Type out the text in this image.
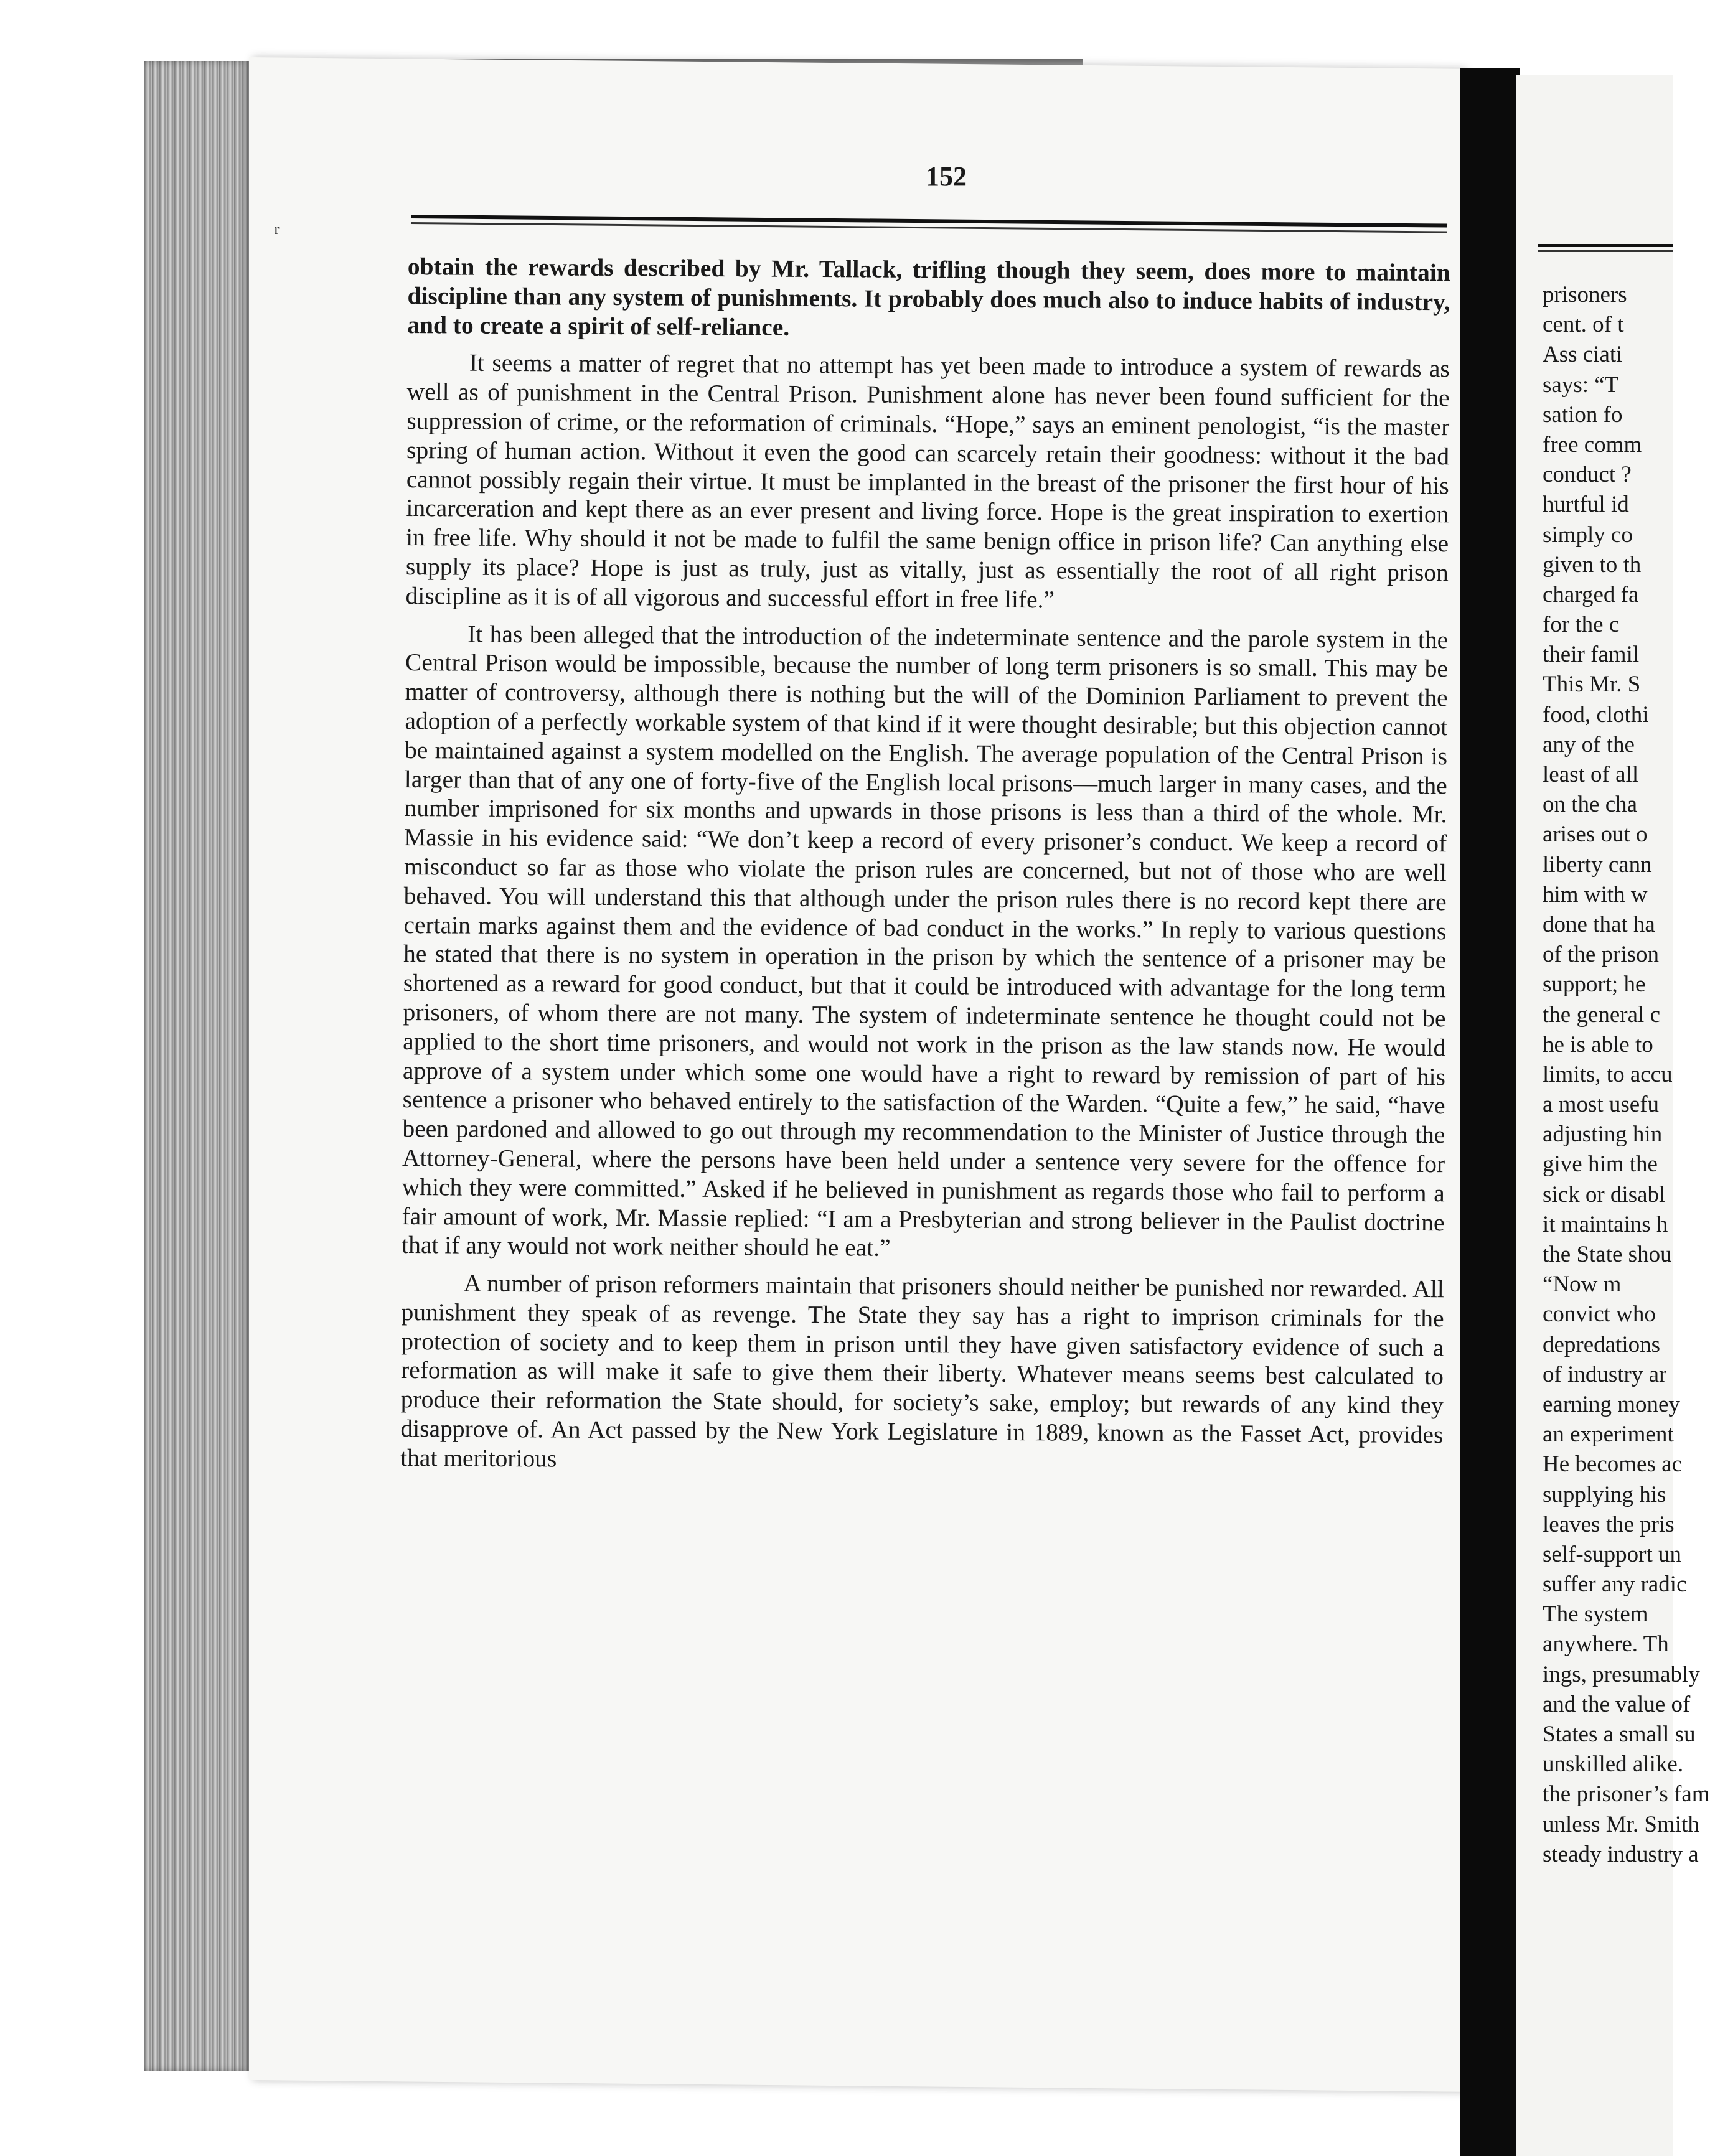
ʳ
152

obtain the rewards described by Mr. Tallack, trifling though they seem, does more to maintain discipline than any system of punishments. It probably does much also to induce habits of industry, and to create a spirit of self-reliance.

It seems a matter of regret that no attempt has yet been made to introduce a system of rewards as well as of punishment in the Central Prison. Punishment alone has never been found sufficient for the suppression of crime, or the reformation of criminals. “Hope,” says an eminent penologist, “is the master spring of human action. Without it even the good can scarcely retain their goodness: without it the bad cannot possibly regain their virtue. It must be implanted in the breast of the prisoner the first hour of his incarceration and kept there as an ever present and living force. Hope is the great inspiration to exertion in free life. Why should it not be made to fulfil the same benign office in prison life? Can anything else supply its place? Hope is just as truly, just as vitally, just as essentially the root of all right prison discipline as it is of all vigorous and successful effort in free life.”

It has been alleged that the introduction of the indeterminate sentence and the parole system in the Central Prison would be impossible, because the number of long term prisoners is so small. This may be matter of controversy, although there is nothing but the will of the Dominion Parliament to prevent the adoption of a perfectly workable system of that kind if it were thought desirable; but this objection cannot be maintained against a system modelled on the English. The average population of the Central Prison is larger than that of any one of forty-five of the English local prisons—much larger in many cases, and the number imprisoned for six months and upwards in those prisons is less than a third of the whole. Mr. Massie in his evidence said: “We don’t keep a record of every prisoner’s conduct. We keep a record of misconduct so far as those who violate the prison rules are concerned, but not of those who are well behaved. You will understand this that although under the prison rules there is no record kept there are certain marks against them and the evidence of bad conduct in the works.” In reply to various questions he stated that there is no system in operation in the prison by which the sentence of a prisoner may be shortened as a reward for good conduct, but that it could be introduced with advantage for the long term prisoners, of whom there are not many. The system of indeterminate sentence he thought could not be applied to the short time prisoners, and would not work in the prison as the law stands now. He would approve of a system under which some one would have a right to reward by remission of part of his sentence a prisoner who behaved entirely to the satisfaction of the Warden. “Quite a few,” he said, “have been pardoned and allowed to go out through my recommendation to the Minister of Justice through the Attorney-General, where the persons have been held under a sentence very severe for the offence for which they were committed.” Asked if he believed in punishment as regards those who fail to perform a fair amount of work, Mr. Massie replied: “I am a Presbyterian and strong believer in the Paulist doctrine that if any would not work neither should he eat.”

A number of prison reformers maintain that prisoners should neither be punished nor rewarded. All punishment they speak of as revenge. The State they say has a right to imprison criminals for the protection of society and to keep them in prison until they have given satisfactory evidence of such a reformation as will make it safe to give them their liberty. Whatever means seems best calculated to produce their reformation the State should, for society’s sake, employ; but rewards of any kind they disapprove of. An Act passed by the New York Legislature in 1889, known as the Fasset Act, provides that meritorious

prisoners
cent. of t
Ass ciati
says: “T
sation fo
free comm
conduct ?
hurtful id
simply co
given to th
charged fa
for the c
their famil
This Mr. S
food, clothi
any of the
least of all
on the cha
arises out o
liberty cann
him with w
done that ha
of the prison
support; he
the general c
he is able to
limits, to accu
a most usefu
adjusting hin
give him the
sick or disabl
it maintains h
the State shou
“Now m
convict who
depredations
of industry ar
earning money
an experiment
He becomes ac
supplying his
leaves the pris
self-support un
suffer any radic
The system
anywhere. Th
ings, presumably
and the value of
States a small su
unskilled alike.
the prisoner’s fam
unless Mr. Smith
steady industry a
